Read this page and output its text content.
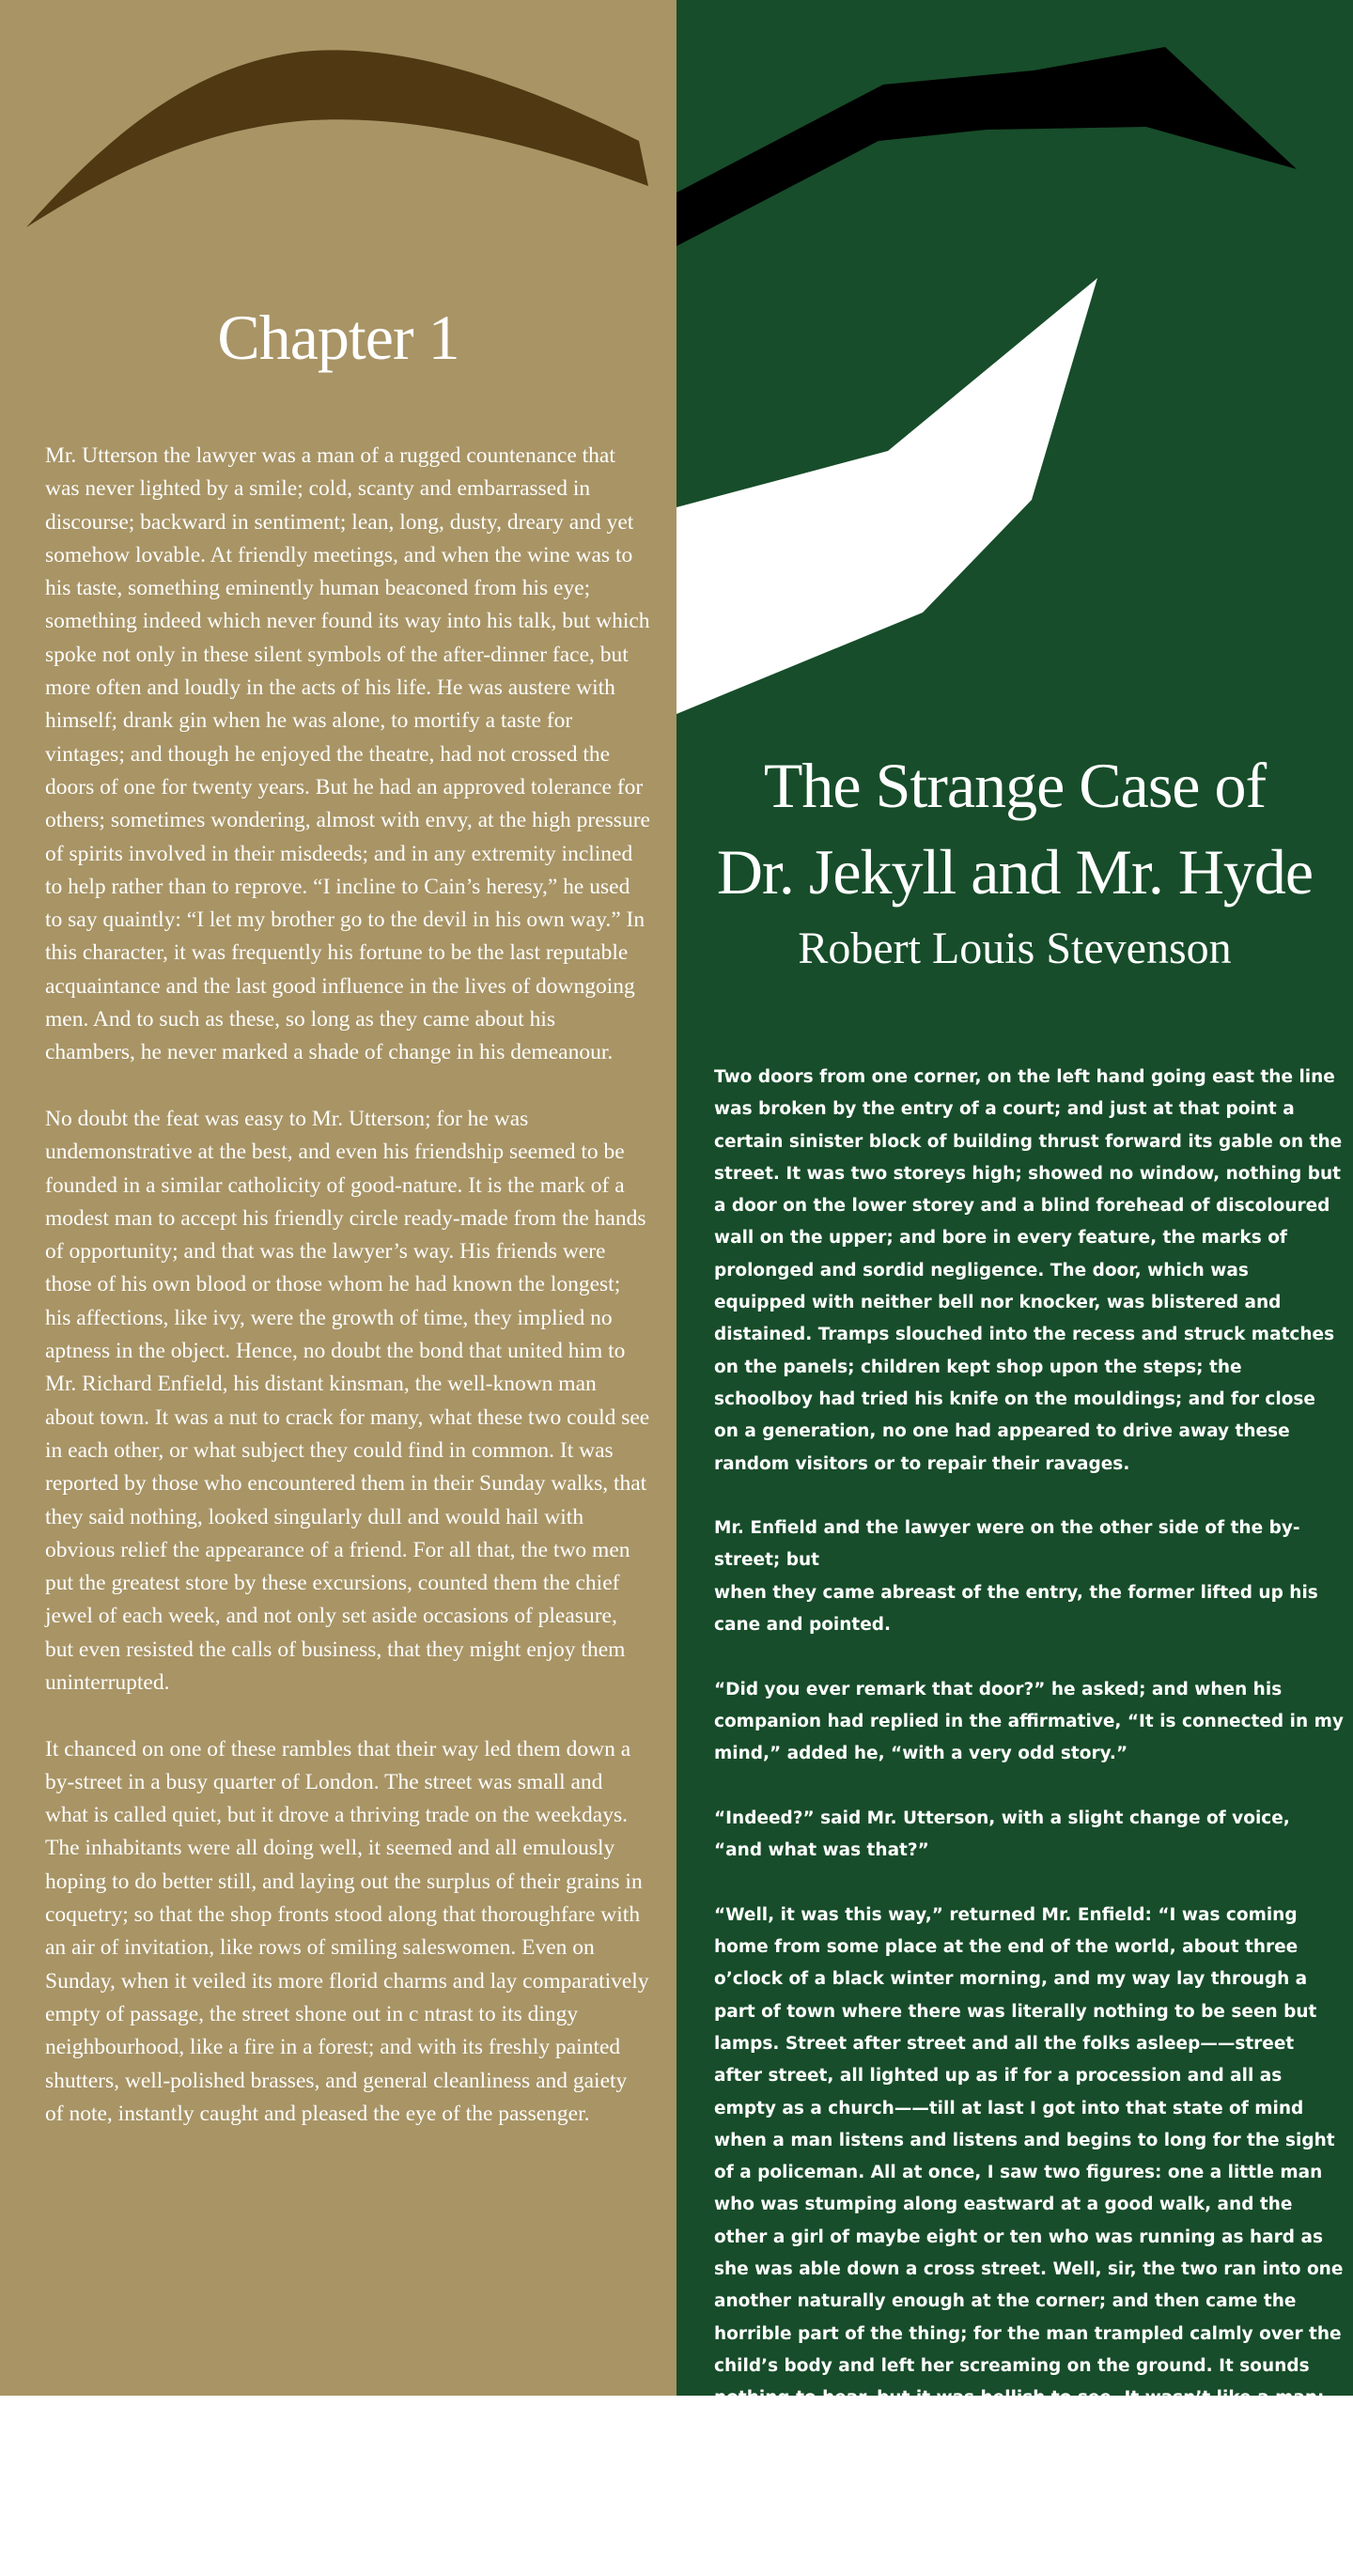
Chapter 1

Mr. Utterson the lawyer was a man of a rugged countenance that was never lighted by a smile; cold, scanty and embarrassed in discourse; backward in sentiment; lean, long, dusty, dreary and yet somehow lovable. At friendly meetings, and when the wine was to his taste, something eminently human beaconed from his eye; something indeed which never found its way into his talk, but which spoke not only in these silent symbols of the after-dinner face, but more often and loudly in the acts of his life. He was austere with himself; drank gin when he was alone, to mortify a taste for vintages; and though he enjoyed the theatre, had not crossed the doors of one for twenty years. But he had an approved tolerance for others; sometimes wondering, almost with envy, at the high pressure of spirits involved in their misdeeds; and in any extremity inclined to help rather than to reprove. “I incline to Cain’s heresy,” he used to say quaintly: “I let my brother go to the devil in his own way.” In this character, it was frequently his fortune to be the last reputable acquaintance and the last good influence in the lives of downgoing men. And to such as these, so long as they came about his chambers, he never marked a shade of change in his demeanour.

No doubt the feat was easy to Mr. Utterson; for he was undemonstrative at the best, and even his friendship seemed to be founded in a similar catholicity of good-nature. It is the mark of a modest man to accept his friendly circle ready-made from the hands of opportunity; and that was the lawyer’s way. His friends were those of his own blood or those whom he had known the longest; his affections, like ivy, were the growth of time, they implied no aptness in the object. Hence, no doubt the bond that united him to Mr. Richard Enfield, his distant kinsman, the well-known man about town. It was a nut to crack for many, what these two could see in each other, or what subject they could find in common. It was reported by those who encountered them in their Sunday walks, that they said nothing, looked singularly dull and would hail with obvious relief the appearance of a friend. For all that, the two men put the greatest store by these excursions, counted them the chief jewel of each week, and not only set aside occasions of pleasure, but even resisted the calls of business, that they might enjoy them uninterrupted.

It chanced on one of these rambles that their way led them down a by-street in a busy quarter of London. The street was small and what is called quiet, but it drove a thriving trade on the weekdays. The inhabitants were all doing well, it seemed and all emulously hoping to do better still, and laying out the surplus of their grains in coquetry; so that the shop fronts stood along that thoroughfare with an air of invitation, like rows of smiling saleswomen. Even on Sunday, when it veiled its more florid charms and lay comparatively empty of passage, the street shone out in c ntrast to its dingy neighbourhood, like a fire in a forest; and with its freshly painted shutters, well-polished brasses, and general cleanliness and gaiety of note, instantly caught and pleased the eye of the passenger.

The Strange Case of
Dr. Jekyll and Mr. Hyde
Robert Louis Stevenson

Two doors from one corner, on the left hand going east the line was broken by the entry of a court; and just at that point a certain sinister block of building thrust forward its gable on the street. It was two storeys high; showed no window, nothing but a door on the lower storey and a blind forehead of discoloured wall on the upper; and bore in every feature, the marks of prolonged and sordid negligence. The door, which was equipped with neither bell nor knocker, was blistered and distained. Tramps slouched into the recess and struck matches on the panels; children kept shop upon the steps; the schoolboy had tried his knife on the mouldings; and for close on a generation, no one had appeared to drive away these random visitors or to repair their ravages.

Mr. Enfield and the lawyer were on the other side of the by-street; but
when they came abreast of the entry, the former lifted up his cane and pointed.

“Did you ever remark that door?” he asked; and when his companion had replied in the affirmative, “It is connected in my mind,” added he, “with a very odd story.”

“Indeed?” said Mr. Utterson, with a slight change of voice, “and what was that?”

“Well, it was this way,” returned Mr. Enfield: “I was coming home from some place at the end of the world, about three o’clock of a black winter morning, and my way lay through a part of town where there was literally nothing to be seen but lamps. Street after street and all the folks asleep——street after street, all lighted up as if for a procession and all as empty as a church——till at last I got into that state of mind when a man listens and listens and begins to long for the sight of a policeman. All at once, I saw two figures: one a little man who was stumping along eastward at a good walk, and the other a girl of maybe eight or ten who was running as hard as she was able down a cross street. Well, sir, the two ran into one another naturally enough at the corner; and then came the horrible part of the thing; for the man trampled calmly over the child’s body and left her screaming on the ground. It sounds nothing to hear, but it was hellish to see. It wasn’t like a man; it was like some damned Juggernaut. I gave a few halloa, took to my heels, collared my gentleman, and brought him back to where there was already quite a group about the screaming child.”
